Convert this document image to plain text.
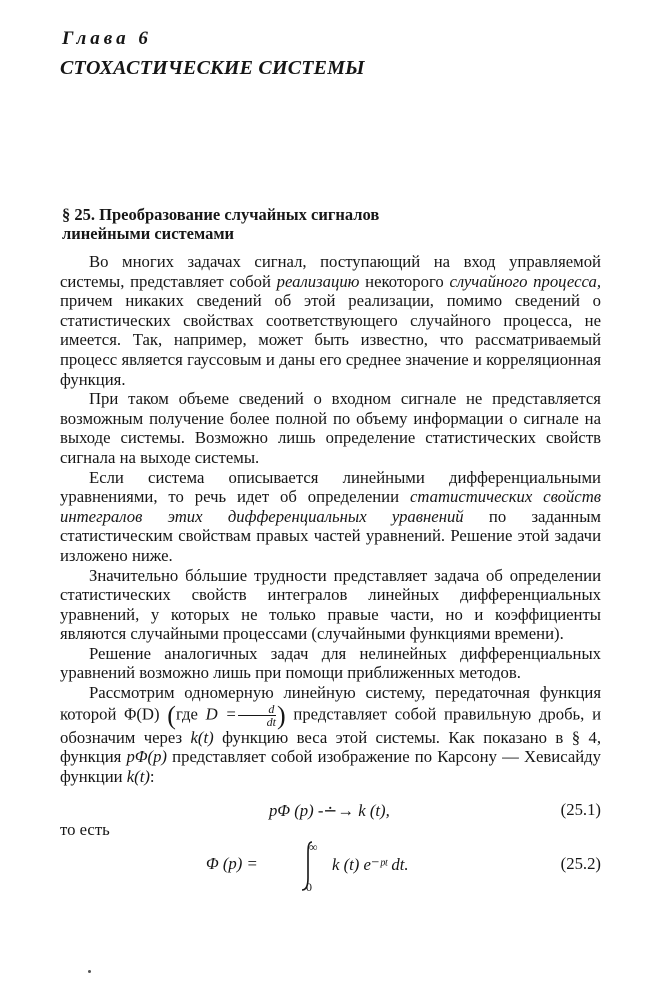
Глава 6
СТОХАСТИЧЕСКИЕ СИСТЕМЫ
§ 25. Преобразование случайных сигналов
линейными системами

Во многих задачах сигнал, поступающий на вход управляемой системы, представляет собой реализацию некоторого случайного процесса, причем никаких сведений об этой реализации, помимо сведений о статистических свойствах соответствующего случайного процесса, не имеется. Так, например, может быть известно, что рассматриваемый процесс является гауссовым и даны его среднее значение и корреляционная функция.

При таком объеме сведений о входном сигнале не представляется возможным получение более полной по объему информации о сигнале на выходе системы. Возможно лишь определение статистических свойств сигнала на выходе системы.

Если система описывается линейными дифференциальными уравнениями, то речь идет об определении статистических свойств интегралов этих дифференциальных уравнений по заданным статистическим свойствам правых частей уравнений. Решение этой задачи изложено ниже.

Значительно бóльшие трудности представляет задача об определении статистических свойств интегралов линейных дифференциальных уравнений, у которых не только правые части, но и коэффициенты являются случайными процессами (случайными функциями времени).

Решение аналогичных задач для нелинейных дифференциальных уравнений возможно лишь при помощи приближенных методов.

Рассмотрим одномерную линейную систему, передаточная функция которой Φ(D) (где $D = \frac{d}{dt}$ ) представляет собой правильную дробь, и обозначим через k(t) функцию веса этой системы. Как показано в § 4, функция pΦ(p) представляет собой изображение по Карсону — Хевисайду функции k(t):

pΦ (p) -∸→ k (t),	(25.1)
то есть
Φ (p) =
∞
0
k (t) e⁻ᵖᵗ dt.	(25.2)
